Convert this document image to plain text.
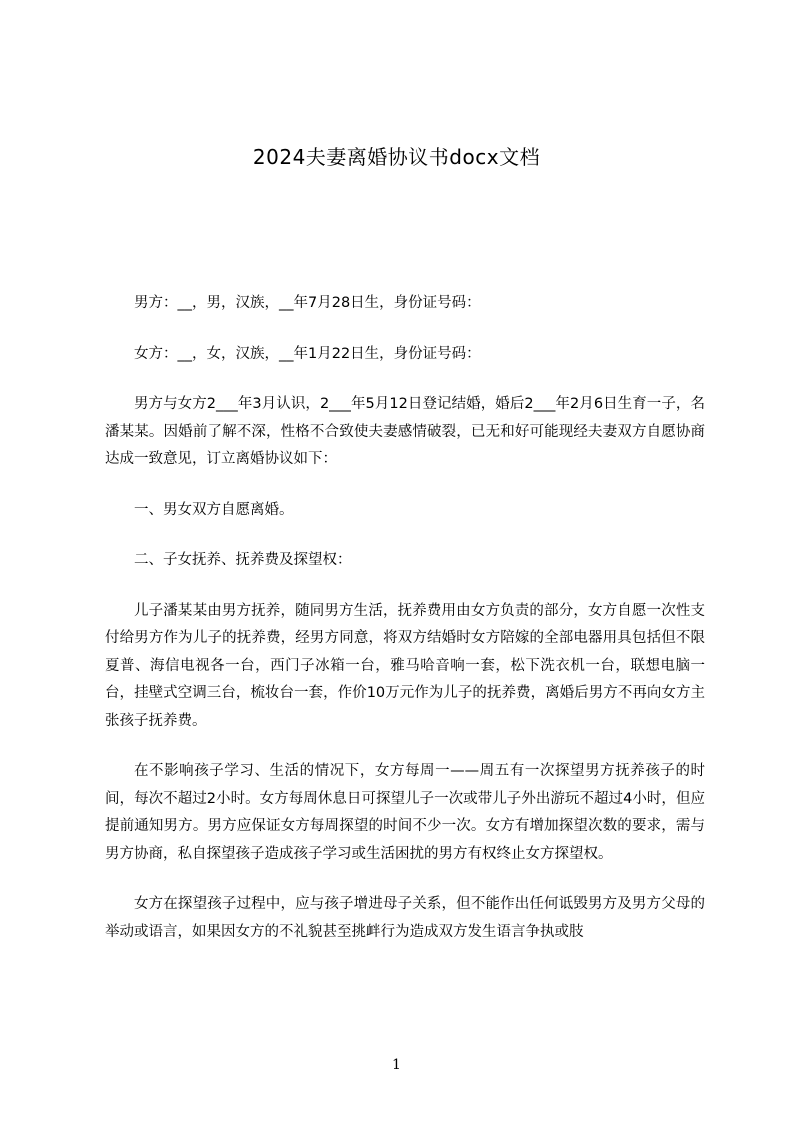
2024夫妻离婚协议书docx文档

男方：__，男，汉族，__年7月28日生，身份证号码：

女方：__，女，汉族，__年1月22日生，身份证号码：

男方与女方2___年3月认识，2___年5月12日登记结婚，婚后2___年2月6日生育一子，名潘某某。因婚前了解不深，性格不合致使夫妻感情破裂，已无和好可能现经夫妻双方自愿协商达成一致意见，订立离婚协议如下：

一、男女双方自愿离婚。

二、子女抚养、抚养费及探望权：

儿子潘某某由男方抚养，随同男方生活，抚养费用由女方负责的部分，女方自愿一次性支付给男方作为儿子的抚养费，经男方同意，将双方结婚时女方陪嫁的全部电器用具包括但不限夏普、海信电视各一台，西门子冰箱一台，雅马哈音响一套，松下洗衣机一台，联想电脑一台，挂壁式空调三台，梳妆台一套，作价10万元作为儿子的抚养费，离婚后男方不再向女方主张孩子抚养费。

在不影响孩子学习、生活的情况下，女方每周一——周五有一次探望男方抚养孩子的时间，每次不超过2小时。女方每周休息日可探望儿子一次或带儿子外出游玩不超过4小时，但应提前通知男方。男方应保证女方每周探望的时间不少一次。女方有增加探望次数的要求，需与男方协商，私自探望孩子造成孩子学习或生活困扰的男方有权终止女方探望权。

女方在探望孩子过程中，应与孩子增进母子关系，但不能作出任何诋毁男方及男方父母的举动或语言，如果因女方的不礼貌甚至挑衅行为造成双方发生语言争执或肢

1
